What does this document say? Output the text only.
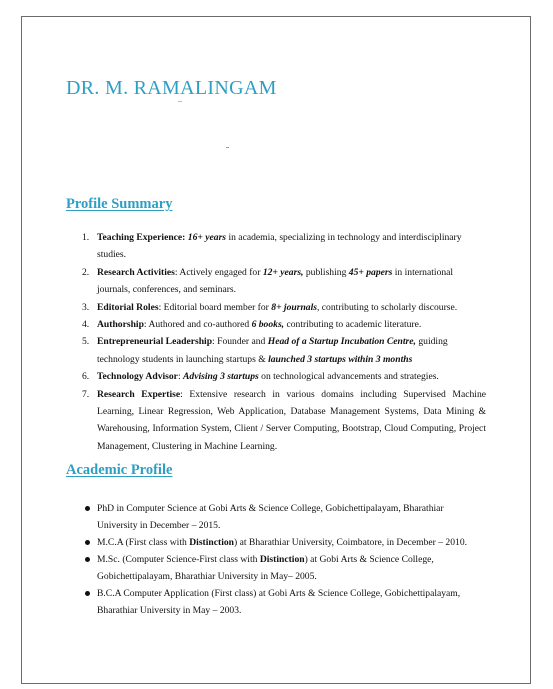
DR. M. RAMALINGAM
Profile Summary
1. Teaching Experience: 16+ years in academia, specializing in technology and interdisciplinary studies.
2. Research Activities: Actively engaged for 12+ years, publishing 45+ papers in international journals, conferences, and seminars.
3. Editorial Roles: Editorial board member for 8+ journals, contributing to scholarly discourse.
4. Authorship: Authored and co-authored 6 books, contributing to academic literature.
5. Entrepreneurial Leadership: Founder and Head of a Startup Incubation Centre, guiding technology students in launching startups & launched 3 startups within 3 months
6. Technology Advisor: Advising 3 startups on technological advancements and strategies.
7. Research Expertise: Extensive research in various domains including Supervised Machine Learning, Linear Regression, Web Application, Database Management Systems, Data Mining & Warehousing, Information System, Client / Server Computing, Bootstrap, Cloud Computing, Project Management, Clustering in Machine Learning.
Academic Profile
PhD in Computer Science at Gobi Arts & Science College, Gobichettipalayam, Bharathiar University in December – 2015.
M.C.A (First class with Distinction) at Bharathiar University, Coimbatore, in December – 2010.
M.Sc. (Computer Science-First class with Distinction) at Gobi Arts & Science College, Gobichettipalayam, Bharathiar University in May– 2005.
B.C.A Computer Application (First class) at Gobi Arts & Science College, Gobichettipalayam, Bharathiar University in May – 2003.
